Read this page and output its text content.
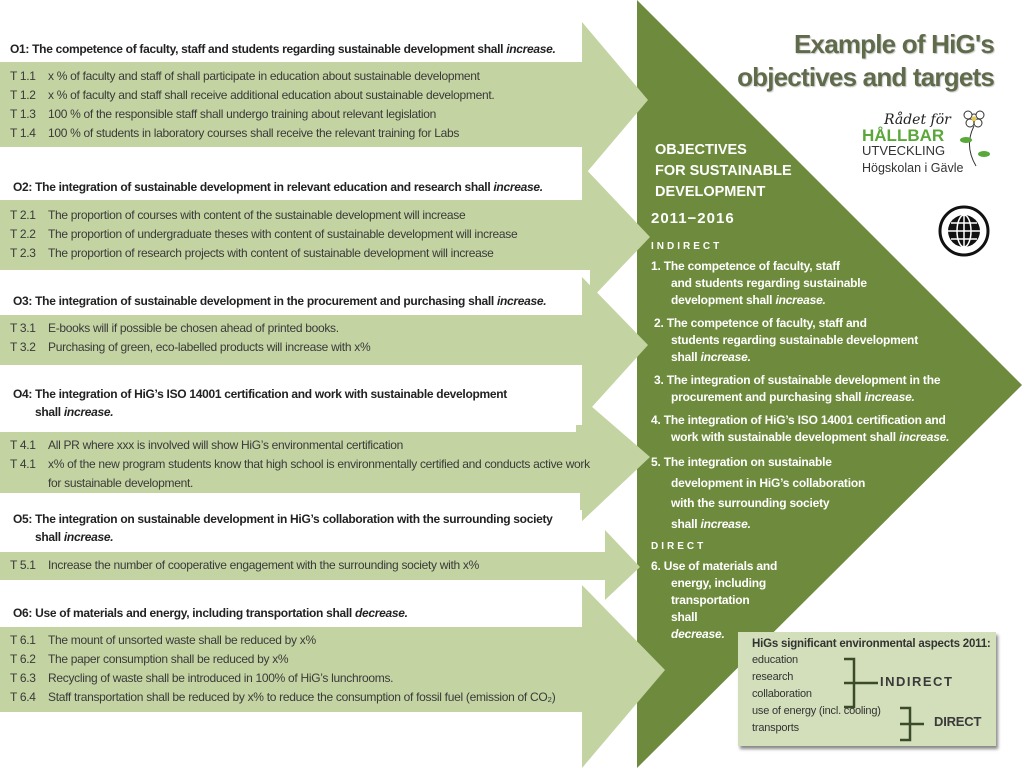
O1: The competence of faculty, staff and students regarding sustainable development shall increase.
O2: The integration of sustainable development in relevant education and research shall increase.
O3: The integration of sustainable development in the procurement and purchasing shall increase.
O4: The integration of HiG’s ISO 14001 certification and work with sustainable development
shall increase.
O5: The integration on sustainable development in HiG’s collaboration with the surrounding society
shall increase.
O6: Use of materials and energy, including transportation shall decrease.
T 1.1	x % of faculty and staff of shall participate in education about sustainable development
T 1.2	x % of faculty and staff shall receive additional education about sustainable development.
T 1.3	100 % of the responsible staff shall undergo training about relevant legislation
T 1.4	100 % of students in laboratory courses shall receive the relevant training for Labs
T 2.1	The proportion of courses with content of the sustainable development will increase
T 2.2	The proportion of undergraduate theses with content of sustainable development will increase
T 2.3	The proportion of research projects with content of sustainable development will increase
T 3.1	E-books will if possible be chosen ahead of printed books.
T 3.2	Purchasing of green, eco-labelled products will increase with x%
T 4.1	All PR where xxx is involved will show HiG’s environmental certification
T 4.1	x% of the new program students know that high school is environmentally certified and conducts active work
for sustainable development.
T 5.1	Increase the number of cooperative engagement with the surrounding society with x%
T 6.1	The mount of unsorted waste shall be reduced by x%
T 6.2	The paper consumption shall be reduced by x%
T 6.3	Recycling of waste shall be introduced in 100% of HiG’s lunchrooms.
T 6.4	Staff transportation shall be reduced by x% to reduce the consumption of fossil fuel (emission of CO₂)
Example of HiG's
objectives and targets
OBJECTIVES
FOR SUSTAINABLE
DEVELOPMENT
2011−2016
INDIRECT
1. The competence of faculty, staff
and students regarding sustainable
development shall increase.
2. The competence of faculty, staff and
students regarding sustainable development
shall increase.
3. The integration of sustainable development in the
procurement and purchasing shall increase.
4. The integration of HiG’s ISO 14001 certification and
work with sustainable development shall increase.
5. The integration on sustainable
development in HiG’s collaboration
with the surrounding society
shall increase.
DIRECT
6. Use of materials and
energy, including
transportation
shall
decrease.
Rådet för
HÅLLBAR
UTVECKLING
Högskolan i Gävle
HiGs significant environmental aspects 2011:
education
research
collaboration
use of energy (incl. cooling)
transports
INDIRECT
DIRECT
